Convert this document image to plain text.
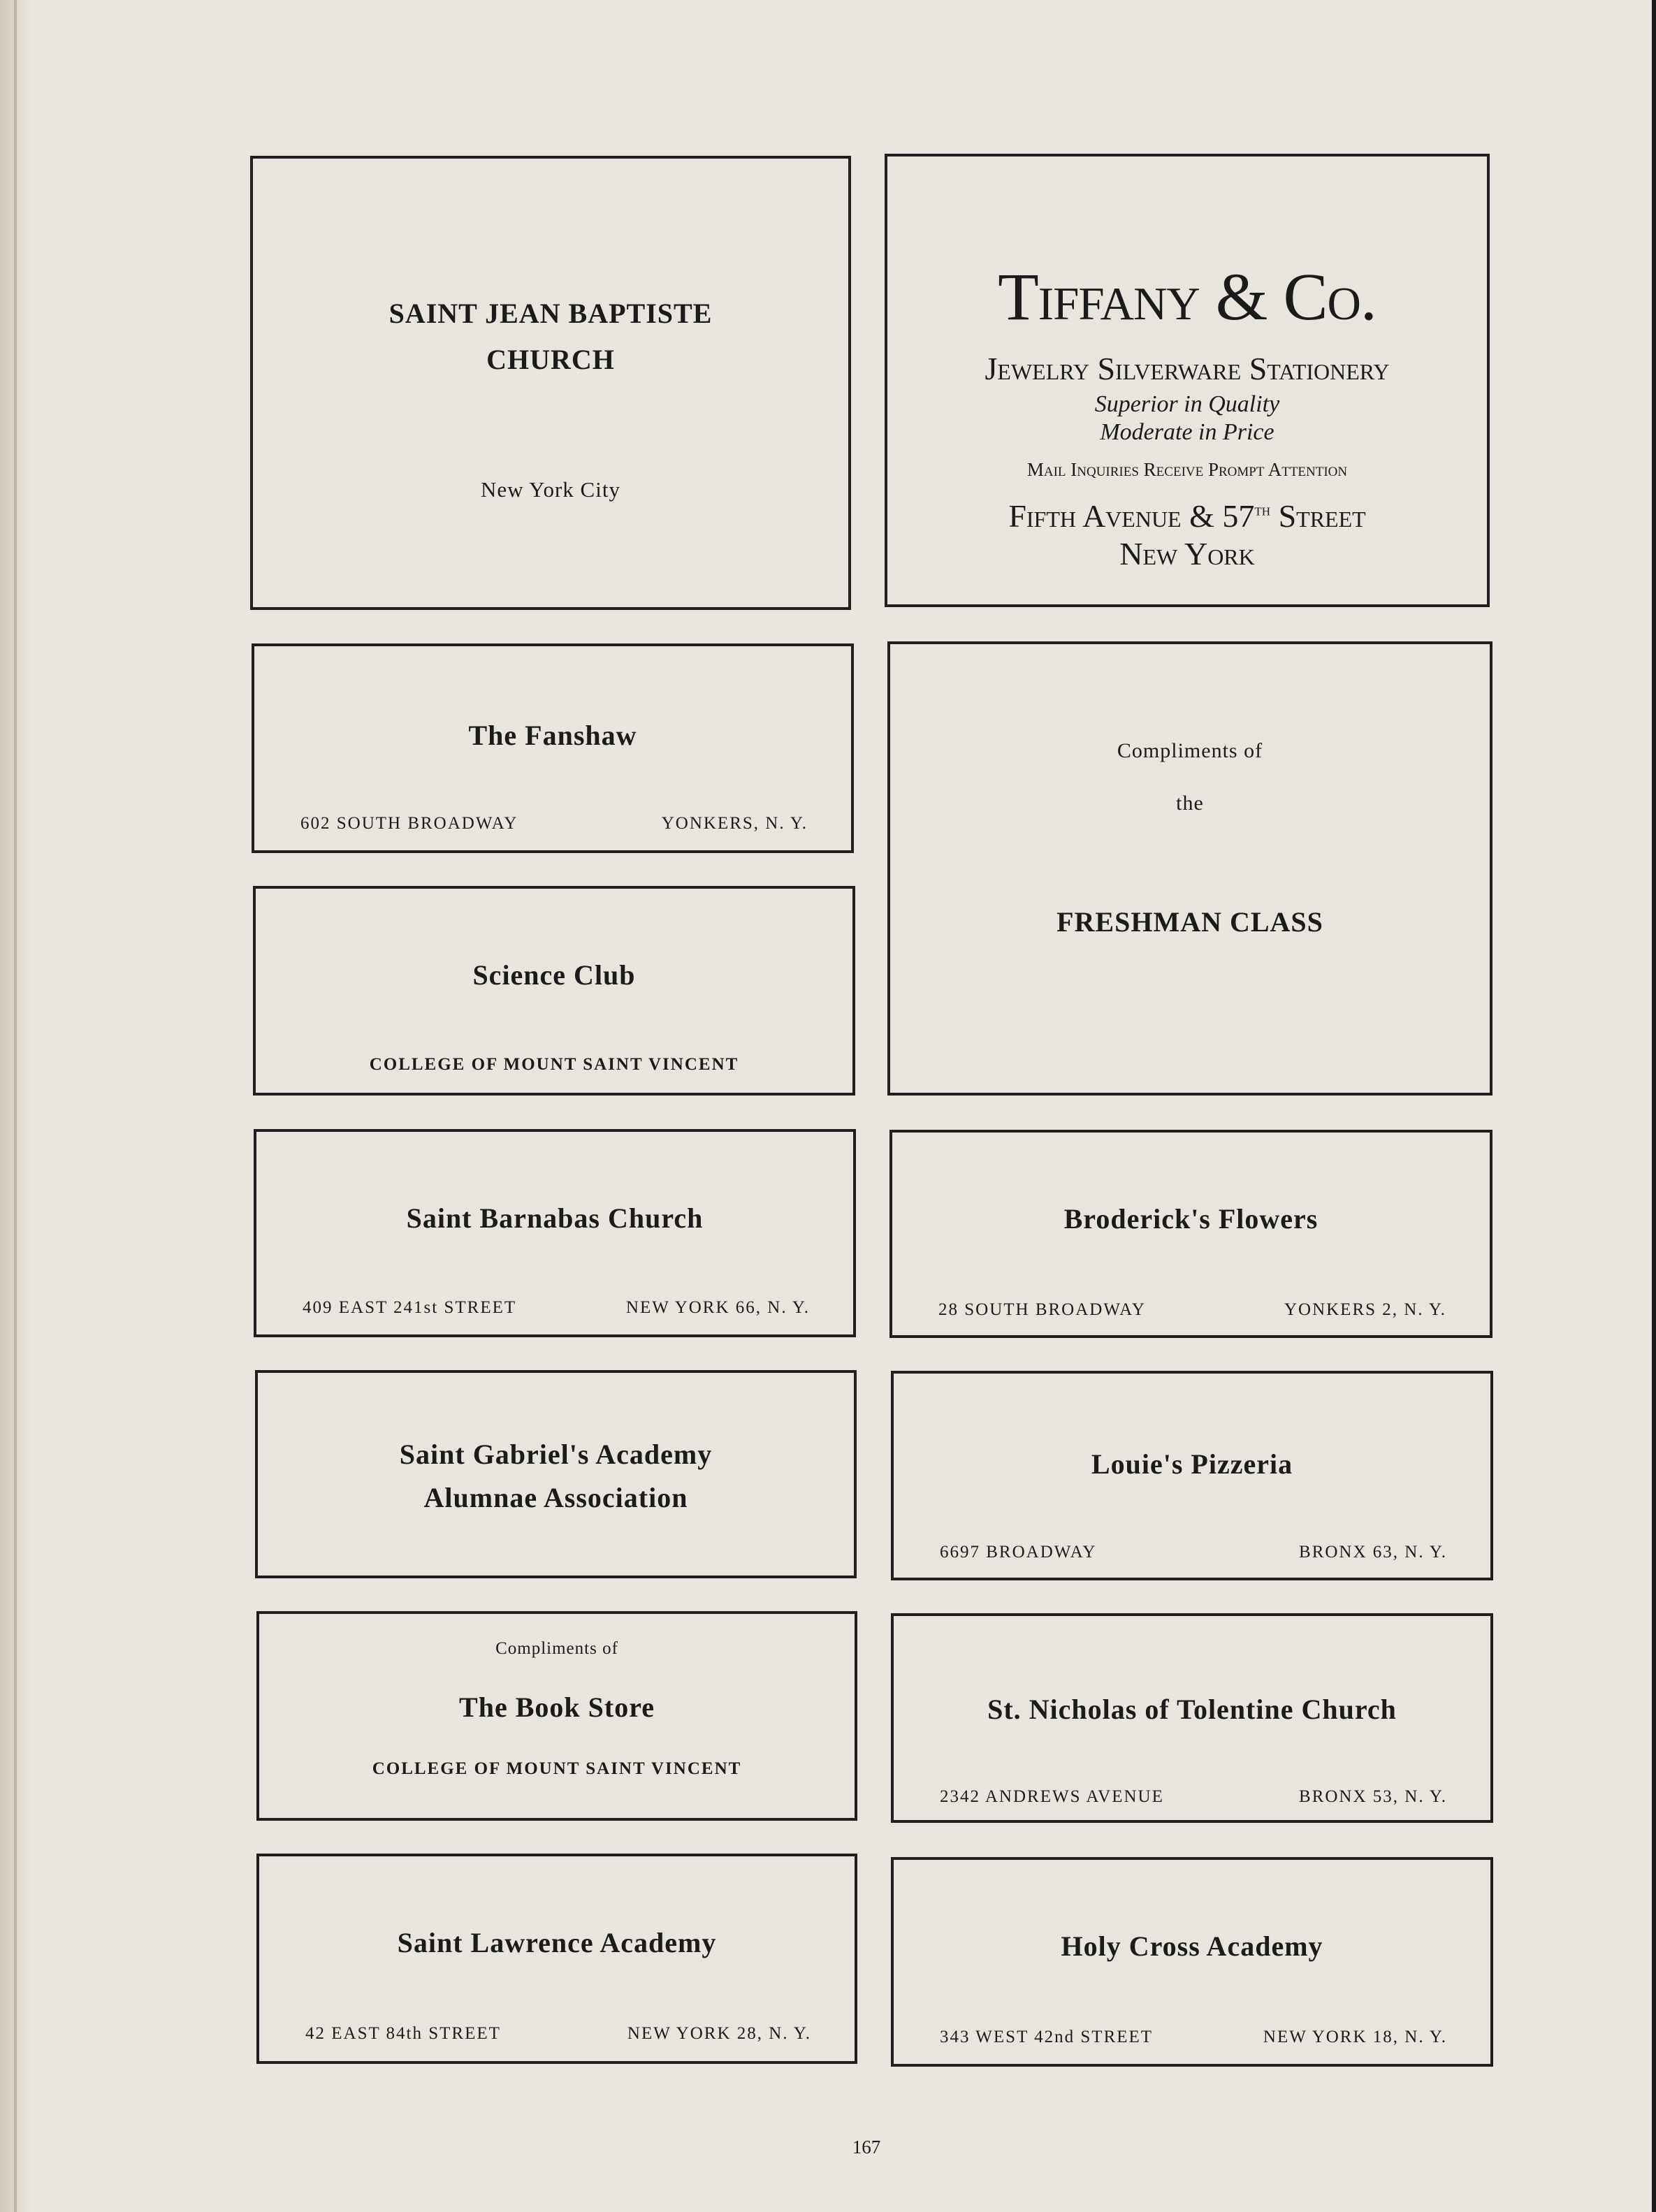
SAINT JEAN BAPTISTE
CHURCH
New York City
Tiffany & Co.
Jewelry Silverware Stationery
Superior in Quality
Moderate in Price
Mail Inquiries Receive Prompt Attention
Fifth Avenue & 57th Street
New York
The Fanshaw
602 SOUTH BROADWAY	YONKERS, N. Y.
Compliments of
the
FRESHMAN CLASS
Science Club
COLLEGE OF MOUNT SAINT VINCENT
Saint Barnabas Church
409 EAST 241st STREET	NEW YORK 66, N. Y.
Broderick's Flowers
28 SOUTH BROADWAY	YONKERS 2, N. Y.
Saint Gabriel's Academy
Alumnae Association
Louie's Pizzeria
6697 BROADWAY	BRONX 63, N. Y.
Compliments of
The Book Store
COLLEGE OF MOUNT SAINT VINCENT
St. Nicholas of Tolentine Church
2342 ANDREWS AVENUE	BRONX 53, N. Y.
Saint Lawrence Academy
42 EAST 84th STREET	NEW YORK 28, N. Y.
Holy Cross Academy
343 WEST 42nd STREET	NEW YORK 18, N. Y.
167
